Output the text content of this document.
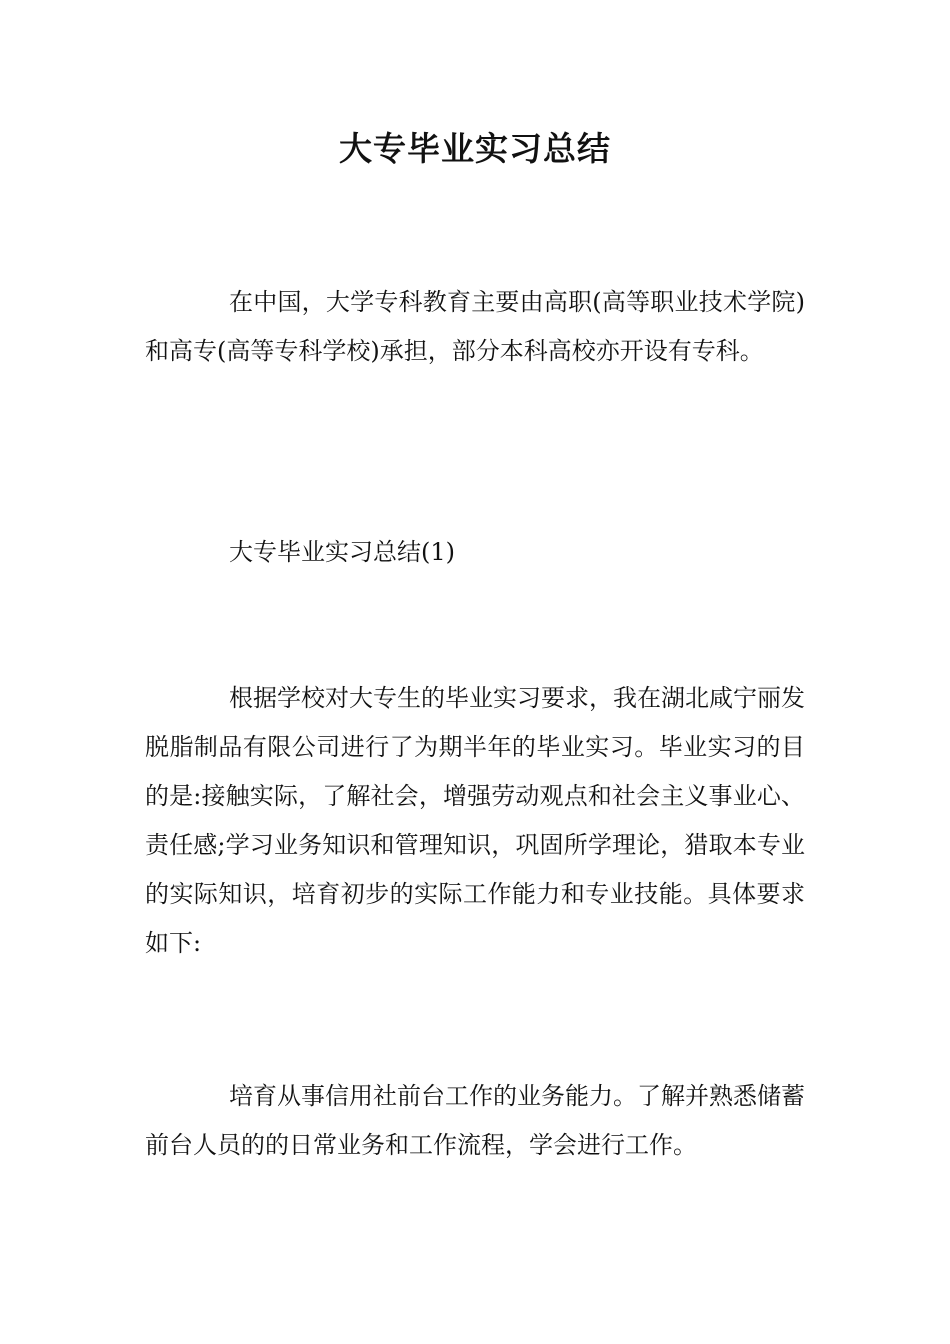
大专毕业实习总结
在中国，大学专科教育主要由高职(高等职业技术学院)和高专(高等专科学校)承担，部分本科高校亦开设有专科。
大专毕业实习总结(1)
根据学校对大专生的毕业实习要求，我在湖北咸宁丽发脱脂制品有限公司进行了为期半年的毕业实习。毕业实习的目的是:接触实际，了解社会，增强劳动观点和社会主义事业心、责任感;学习业务知识和管理知识，巩固所学理论，猎取本专业的实际知识，培育初步的实际工作能力和专业技能。具体要求如下:
培育从事信用社前台工作的业务能力。了解并熟悉储蓄前台人员的的日常业务和工作流程，学会进行工作。
